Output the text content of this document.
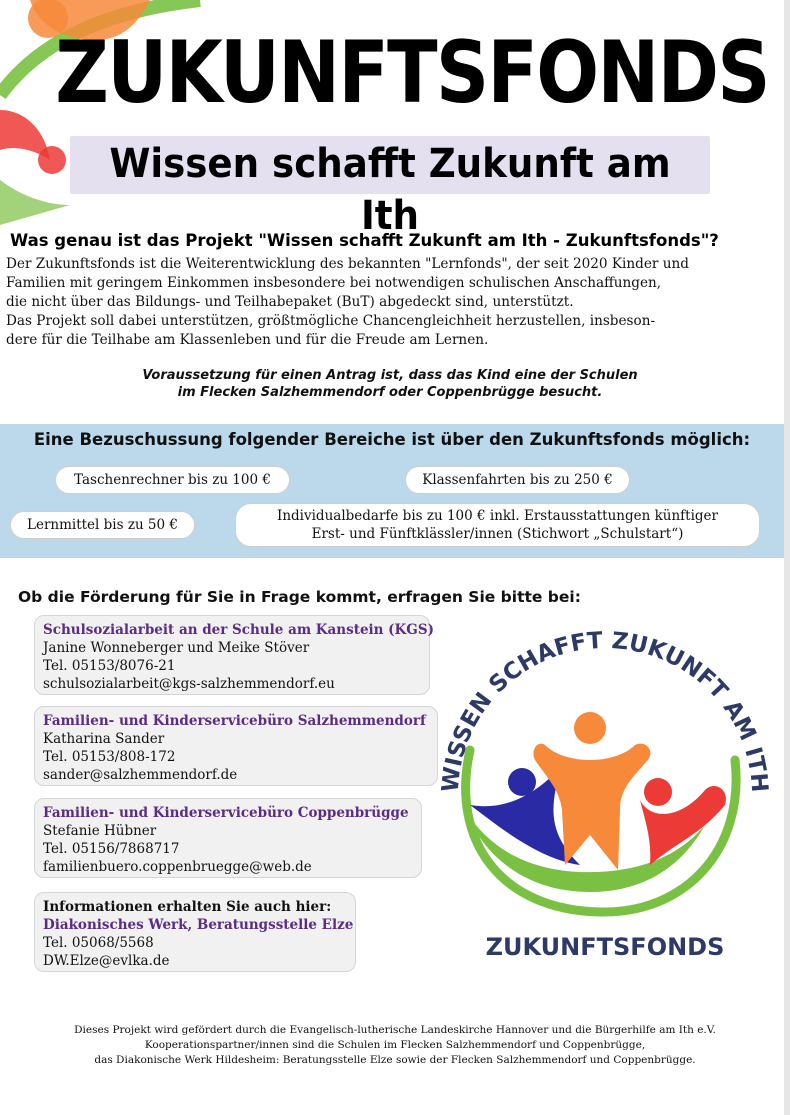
ZUKUNFTSFONDS
Wissen schafft Zukunft am Ith
Was genau ist das Projekt "Wissen schafft Zukunft am Ith - Zukunftsfonds"?

Der Zukunftsfonds ist die Weiterentwicklung des bekannten "Lernfonds", der seit 2020 Kinder und
Familien mit geringem Einkommen insbesondere bei notwendigen schulischen Anschaffungen,
die nicht über das Bildungs- und Teilhabepaket (BuT) abgedeckt sind, unterstützt.

Das Projekt soll dabei unterstützen, größtmögliche Chancengleichheit herzustellen, insbeson-
dere für die Teilhabe am Klassenleben und für die Freude am Lernen.

Voraussetzung für einen Antrag ist, dass das Kind eine der Schulen
im Flecken Salzhemmendorf oder Coppenbrügge besucht.
Eine Bezuschussung folgender Bereiche ist über den Zukunftsfonds möglich:
Taschenrechner bis zu 100 €	Klassenfahrten bis zu 250 €
Lernmittel bis zu 50 €
Individualbedarfe bis zu 100 € inkl. Erstausstattungen künftiger
Erst- und Fünftklässler/innen (Stichwort „Schulstart“)
Ob die Förderung für Sie in Frage kommt, erfragen Sie bitte bei:
Schulsozialarbeit an der Schule am Kanstein (KGS)
Janine Wonneberger und Meike Stöver
Tel. 05153/8076-21
schulsozialarbeit@kgs-salzhemmendorf.eu
Familien- und Kinderservicebüro Salzhemmendorf
Katharina Sander
Tel. 05153/808-172
sander@salzhemmendorf.de
Familien- und Kinderservicebüro Coppenbrügge
Stefanie Hübner
Tel. 05156/7868717
familienbuero.coppenbruegge@web.de
Informationen erhalten Sie auch hier:
Diakonisches Werk, Beratungsstelle Elze
Tel. 05068/5568
DW.Elze@evlka.de
WISSEN SCHAFFT ZUKUNFT AM ITH
ZUKUNFTSFONDS
Dieses Projekt wird gefördert durch die Evangelisch-lutherische Landeskirche Hannover und die Bürgerhilfe am Ith e.V.
Kooperationspartner/innen sind die Schulen im Flecken Salzhemmendorf und Coppenbrügge,
das Diakonische Werk Hildesheim: Beratungsstelle Elze sowie der Flecken Salzhemmendorf und Coppenbrügge.
